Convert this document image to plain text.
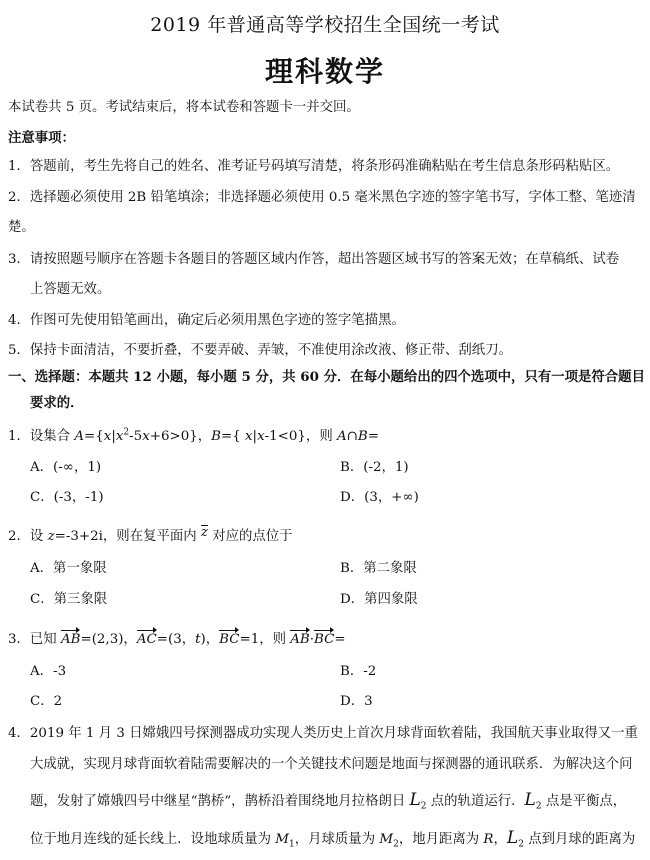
2019 年普通高等学校招生全国统一考试
理科数学
本试卷共 5 页。考试结束后，将本试卷和答题卡一并交回。
注意事项：
1．答题前，考生先将自己的姓名、准考证号码填写清楚，将条形码准确粘贴在考生信息条形码粘贴区。
2．选择题必须使用 2B 铅笔填涂；非选择题必须使用 0.5 毫米黑色字迹的签字笔书写，字体工整、笔迹清
楚。
3．请按照题号顺序在答题卡各题目的答题区域内作答，超出答题区域书写的答案无效；在草稿纸、试卷
上答题无效。
4．作图可先使用铅笔画出，确定后必须用黑色字迹的签字笔描黑。
5．保持卡面清洁，不要折叠，不要弄破、弄皱，不准使用涂改液、修正带、刮纸刀。
一、选择题：本题共 12 小题，每小题 5 分，共 60 分．在每小题给出的四个选项中，只有一项是符合题目
要求的．
1．设集合 $A=\{x|x^2-5x+6>0\}$，B={ x|x-1<0}，则 A∩B=
A．(-∞，1)	B．(-2，1)
C．(-3，-1)	D．(3，+∞)
2．设 z=-3+2i，则在复平面内 z 对应的点位于
A．第一象限	B．第二象限
C．第三象限	D．第四象限
3．已知 AB=(2,3)，AC=(3，t)，BC=1，则 AB·BC=
A．-3	B．-2
C．2	D．3
4．2019 年 1 月 3 日嫦娥四号探测器成功实现人类历史上首次月球背面软着陆，我国航天事业取得又一重
大成就，实现月球背面软着陆需要解决的一个关键技术问题是地面与探测器的通讯联系．为解决这个问
题，发射了嫦娥四号中继星“鹊桥”，鹊桥沿着围绕地月拉格朗日 $L_2$ 点的轨道运行．$L_2$ 点是平衡点，
位于地月连线的延长线上．设地球质量为 $M_1$，月球质量为 $M_2$，地月距离为 R，$L_2$ 点到月球的距离为
